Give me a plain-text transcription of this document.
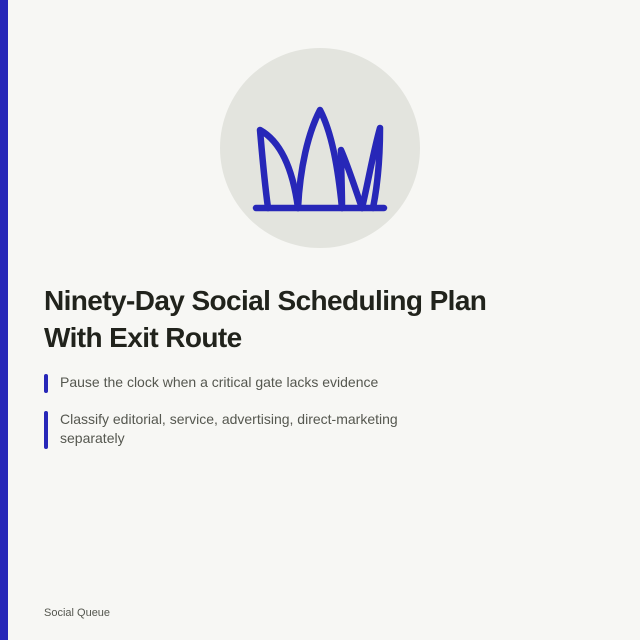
Ninety-Day Social Scheduling Plan
With Exit Route
Pause the clock when a critical gate lacks evidence
Classify editorial, service, advertising, direct-marketing separately
Social Queue
